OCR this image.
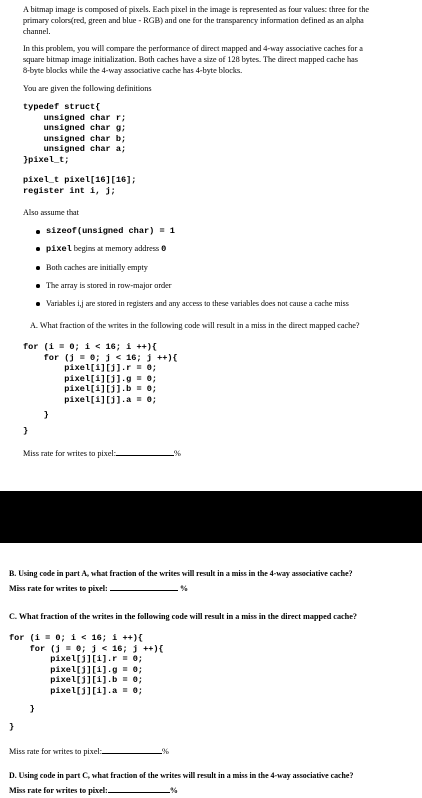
A bitmap image is composed of pixels. Each pixel in the image is represented as four values: three for the
primary colors(red, green and blue - RGB) and one for the transparency information defined as an alpha
channel.
In this problem, you will compare the performance of direct mapped and 4-way associative caches for a
square bitmap image initialization. Both caches have a size of 128 bytes. The direct mapped cache has
8-byte blocks while the 4-way associative cache has 4-byte blocks.
You are given the following definitions
typedef struct{
unsigned char r;
unsigned char g;
unsigned char b;
unsigned char a;
}pixel_t;
pixel_t pixel[16][16];
register int i, j;
Also assume that
sizeof(unsigned char) = 1
pixel begins at memory address 0
Both caches are initially empty
The array is stored in row-major order
Variables i,j are stored in registers and any access to these variables does not cause a cache miss
A. What fraction of the writes in the following code will result in a miss in the direct mapped cache?
for (i = 0; i < 16; i ++){
for (j = 0; j < 16; j ++){
pixel[i][j].r = 0;
pixel[i][j].g = 0;
pixel[i][j].b = 0;
pixel[i][j].a = 0;
}
}
Miss rate for writes to pixel:	%
B. Using code in part A, what fraction of the writes will result in a miss in the 4-way associative cache?
Miss rate for writes to pixel:	%
C. What fraction of the writes in the following code will result in a miss in the direct mapped cache?
for (i = 0; i < 16; i ++){
for (j = 0; j < 16; j ++){
pixel[j][i].r = 0;
pixel[j][i].g = 0;
pixel[j][i].b = 0;
pixel[j][i].a = 0;
}
}
Miss rate for writes to pixel:	%
D. Using code in part C, what fraction of the writes will result in a miss in the 4-way associative cache?
Miss rate for writes to pixel:	%
